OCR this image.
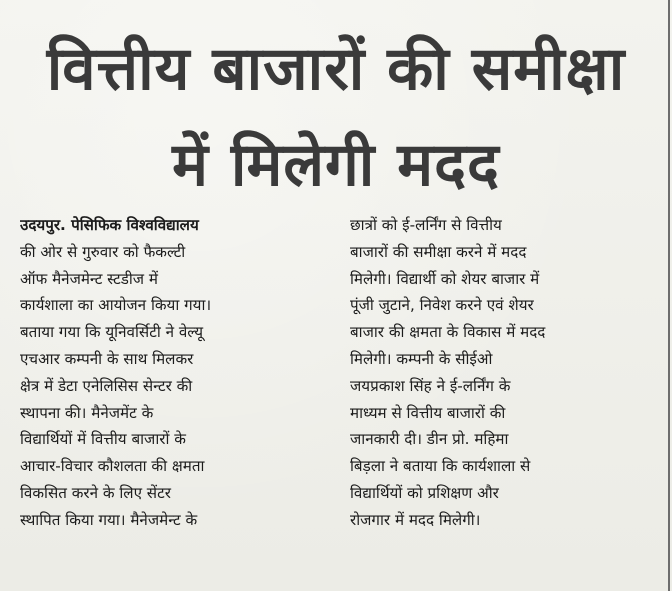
वित्तीय बाजारों की समीक्षा
में मिलेगी मदद
उदयपुर. पेसिफिक विश्वविद्यालय
की ओर से गुरुवार को फैकल्टी
ऑफ मैनेजमेन्ट स्टडीज में
कार्यशाला का आयोजन किया गया।
बताया गया कि यूनिवर्सिटी ने वेल्यू
एचआर कम्पनी के साथ मिलकर
क्षेत्र में डेटा एनेलिसिस सेन्टर की
स्थापना की। मैनेजमेंट के
विद्यार्थियों में वित्तीय बाजारों के
आचार-विचार कौशलता की क्षमता
विकसित करने के लिए सेंटर
स्थापित किया गया। मैनेजमेन्ट के
छात्रों को ई-लर्निंग से वित्तीय
बाजारों की समीक्षा करने में मदद
मिलेगी। विद्यार्थी को शेयर बाजार में
पूंजी जुटाने, निवेश करने एवं शेयर
बाजार की क्षमता के विकास में मदद
मिलेगी। कम्पनी के सीईओ
जयप्रकाश सिंह ने ई-लर्निंग के
माध्यम से वित्तीय बाजारों की
जानकारी दी। डीन प्रो. महिमा
बिड़ला ने बताया कि कार्यशाला से
विद्यार्थियों को प्रशिक्षण और
रोजगार में मदद मिलेगी।
